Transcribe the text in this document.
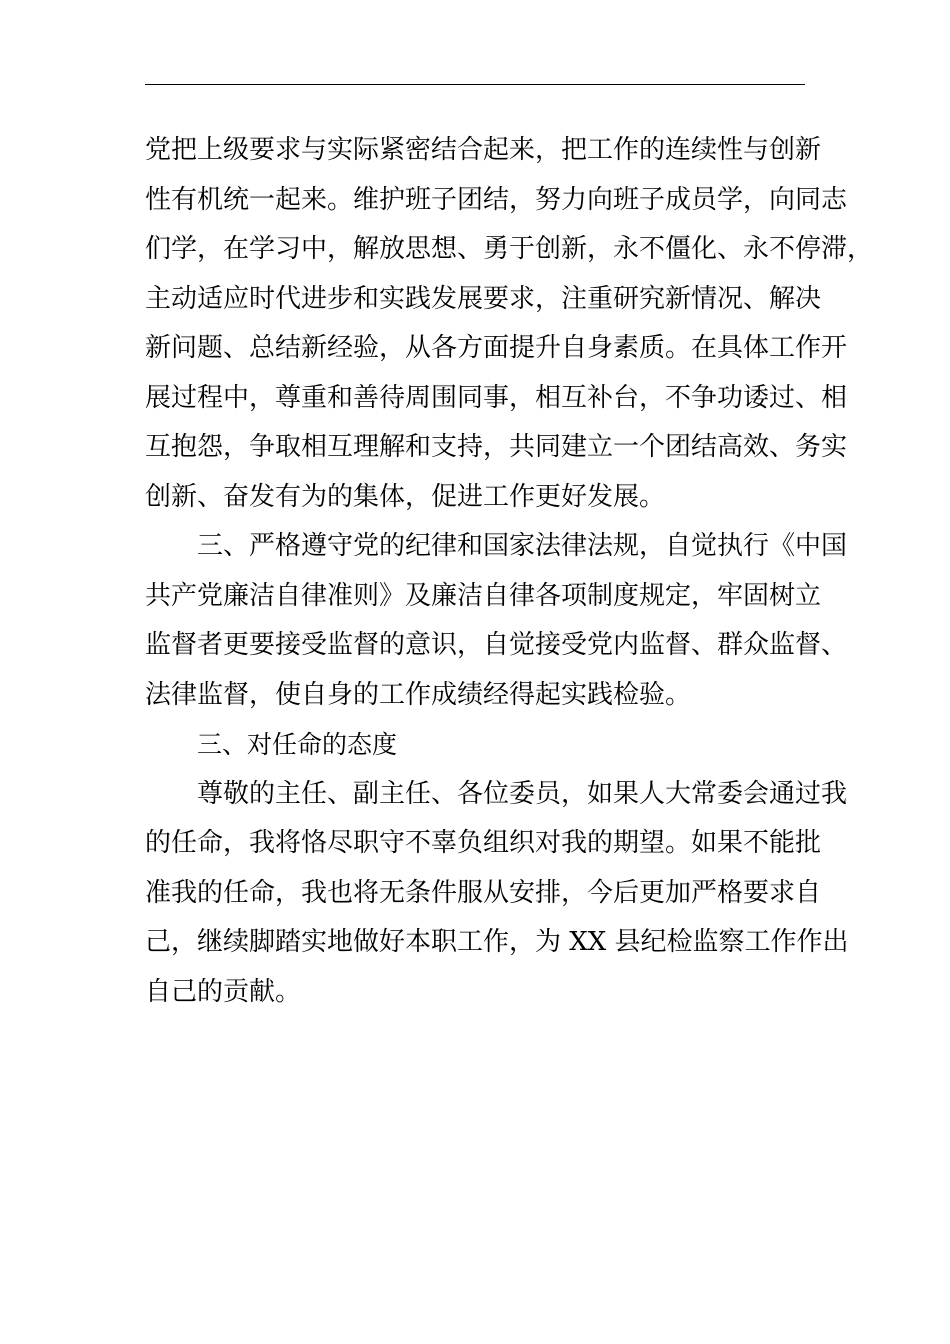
党把上级要求与实际紧密结合起来，把工作的连续性与创新
性有机统一起来。维护班子团结，努力向班子成员学，向同志
们学，在学习中，解放思想、勇于创新，永不僵化、永不停滞，
主动适应时代进步和实践发展要求，注重研究新情况、解决
新问题、总结新经验，从各方面提升自身素质。在具体工作开
展过程中，尊重和善待周围同事，相互补台，不争功诿过、相
互抱怨，争取相互理解和支持，共同建立一个团结高效、务实
创新、奋发有为的集体，促进工作更好发展。
三、严格遵守党的纪律和国家法律法规，自觉执行《中国
共产党廉洁自律准则》及廉洁自律各项制度规定，牢固树立
监督者更要接受监督的意识，自觉接受党内监督、群众监督、
法律监督，使自身的工作成绩经得起实践检验。
三、对任命的态度
尊敬的主任、副主任、各位委员，如果人大常委会通过我
的任命，我将恪尽职守不辜负组织对我的期望。如果不能批
准我的任命，我也将无条件服从安排，今后更加严格要求自
己，继续脚踏实地做好本职工作，为 XX 县纪检监察工作作出
自己的贡献。
